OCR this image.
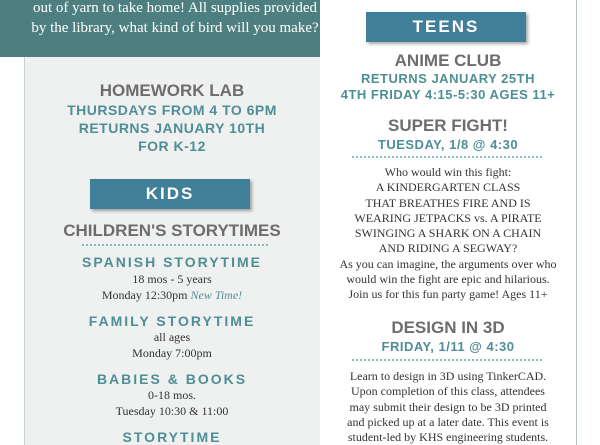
out of yarn to take home! All supplies provided
by the library, what kind of bird will you make?
HOMEWORK LAB
THURSDAYS FROM 4 TO 6PM
RETURNS JANUARY 10TH
FOR K-12
KIDS
CHILDREN'S STORYTIMES
SPANISH STORYTIME
18 mos - 5 years
Monday 12:30pm New Time!
FAMILY STORYTIME
all ages
Monday 7:00pm
BABIES & BOOKS
0-18 mos.
Tuesday 10:30 & 11:00
STORYTIME
TEENS
ANIME CLUB
RETURNS JANUARY 25TH
4TH FRIDAY 4:15-5:30 AGES 11+
SUPER FIGHT!
TUESDAY, 1/8 @ 4:30
Who would win this fight:
A KINDERGARTEN CLASS
THAT BREATHES FIRE AND IS
WEARING JETPACKS vs. A PIRATE
SWINGING A SHARK ON A CHAIN
AND RIDING A SEGWAY?
As you can imagine, the arguments over who
would win the fight are epic and hilarious.
Join us for this fun party game! Ages 11+
DESIGN IN 3D
FRIDAY, 1/11 @ 4:30
Learn to design in 3D using TinkerCAD.
Upon completion of this class, attendees
may submit their design to be 3D printed
and picked up at a later date. This event is
student-led by KHS engineering students.
